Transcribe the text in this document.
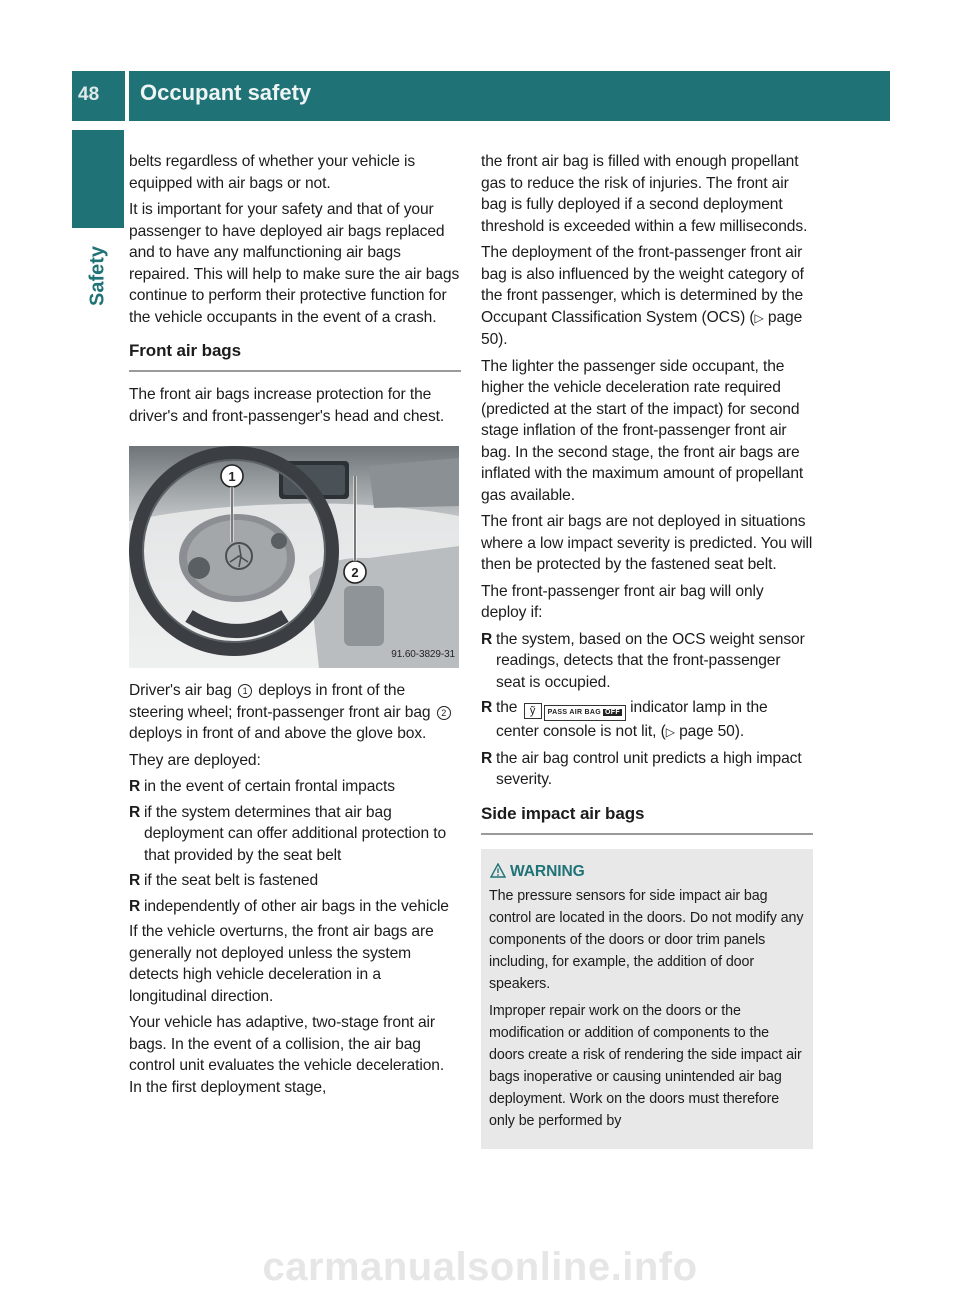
48 Occupant safety
Safety

belts regardless of whether your vehicle is equipped with air bags or not.

It is important for your safety and that of your passenger to have deployed air bags replaced and to have any malfunctioning air bags repaired. This will help to make sure the air bags continue to perform their protective function for the vehicle occupants in the event of a crash.

Front air bags

The front air bags increase protection for the driver's and front-passenger's head and chest.

1
2
91.60-3829-31

Driver's air bag 1 deploys in front of the steering wheel; front-passenger front air bag 2 deploys in front of and above the glove box.

They are deployed:

R in the event of certain frontal impacts
R if the system determines that air bag deployment can offer additional protection to that provided by the seat belt
R if the seat belt is fastened
R independently of other air bags in the vehicle

If the vehicle overturns, the front air bags are generally not deployed unless the system detects high vehicle deceleration in a longitudinal direction.

Your vehicle has adaptive, two-stage front air bags. In the event of a collision, the air bag control unit evaluates the vehicle deceleration. In the first deployment stage,

the front air bag is filled with enough propellant gas to reduce the risk of injuries. The front air bag is fully deployed if a second deployment threshold is exceeded within a few milliseconds.

The deployment of the front-passenger front air bag is also influenced by the weight category of the front passenger, which is determined by the Occupant Classification System (OCS) (▷ page 50).

The lighter the passenger side occupant, the higher the vehicle deceleration rate required (predicted at the start of the impact) for second stage inflation of the front-passenger front air bag. In the second stage, the front air bags are inflated with the maximum amount of propellant gas available.

The front air bags are not deployed in situations where a low impact severity is predicted. You will then be protected by the fastened seat belt.

The front-passenger front air bag will only deploy if:

R the system, based on the OCS weight sensor readings, detects that the front-passenger seat is occupied.
R the ỹ PASS AIR BAG OFF indicator lamp in the center console is not lit, (▷ page 50).
R the air bag control unit predicts a high impact severity.
Side impact air bags
WARNING

The pressure sensors for side impact air bag control are located in the doors. Do not modify any components of the doors or door trim panels including, for example, the addition of door speakers.

Improper repair work on the doors or the modification or addition of components to the doors create a risk of rendering the side impact air bags inoperative or causing unintended air bag deployment. Work on the doors must therefore only be performed by

carmanualsonline.info
